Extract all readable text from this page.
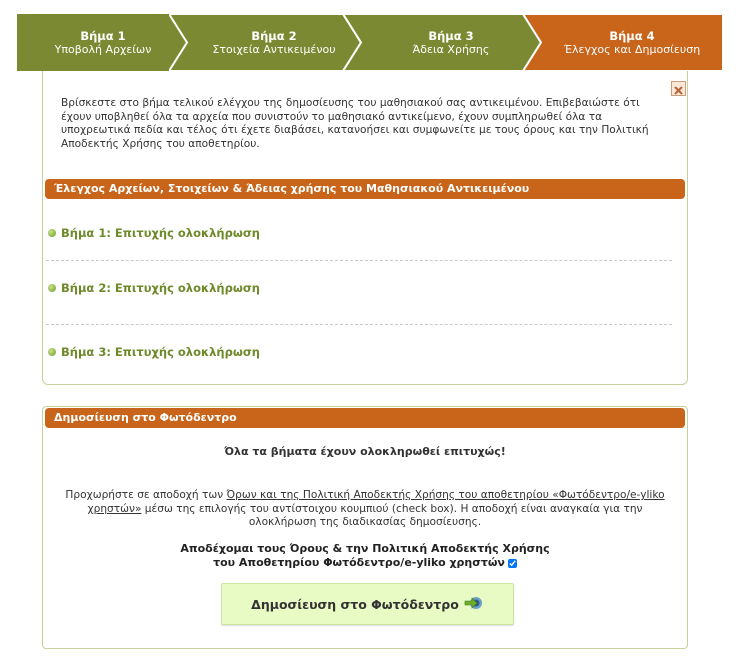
Βήμα 1
Υποβολή Αρχείων
Βήμα 2
Στοιχεία Αντικειμένου
Βήμα 3
Άδεια Χρήσης
Βήμα 4
Έλεγχος και Δημοσίευση
Βρίσκεστε στο βήμα τελικού ελέγχου της δημοσίευσης του μαθησιακού σας αντικειμένου. Επιβεβαιώστε ότι έχουν υποβληθεί όλα τα αρχεία που συνιστούν το μαθησιακό αντικείμενο, έχουν συμπληρωθεί όλα τα υποχρεωτικά πεδία και τέλος ότι έχετε διαβάσει, κατανοήσει και συμφωνείτε με τους όρους και την Πολιτική Αποδεκτής Χρήσης του αποθετηρίου.
Έλεγχος Αρχείων, Στοιχείων & Άδειας χρήσης του Μαθησιακού Αντικειμένου
Βήμα 1: Επιτυχής ολοκλήρωση
Βήμα 2: Επιτυχής ολοκλήρωση
Βήμα 3: Επιτυχής ολοκλήρωση
Δημοσίευση στο Φωτόδεντρο
Όλα τα βήματα έχουν ολοκληρωθεί επιτυχώς!
Προχωρήστε σε αποδοχή των Όρων και της Πολιτική Αποδεκτής Χρήσης του αποθετηρίου «Φωτόδεντρο/e-yliko χρηστών» μέσω της επιλογής του αντίστοιχου κουμπιού (check box). Η αποδοχή είναι αναγκαία για την ολοκλήρωση της διαδικασίας δημοσίευσης.
Αποδέχομαι τους Όρους & την Πολιτική Αποδεκτής Χρήσης
του Αποθετηρίου Φωτόδεντρο/e-yliko χρηστών
Δημοσίευση στο Φωτόδεντρο
